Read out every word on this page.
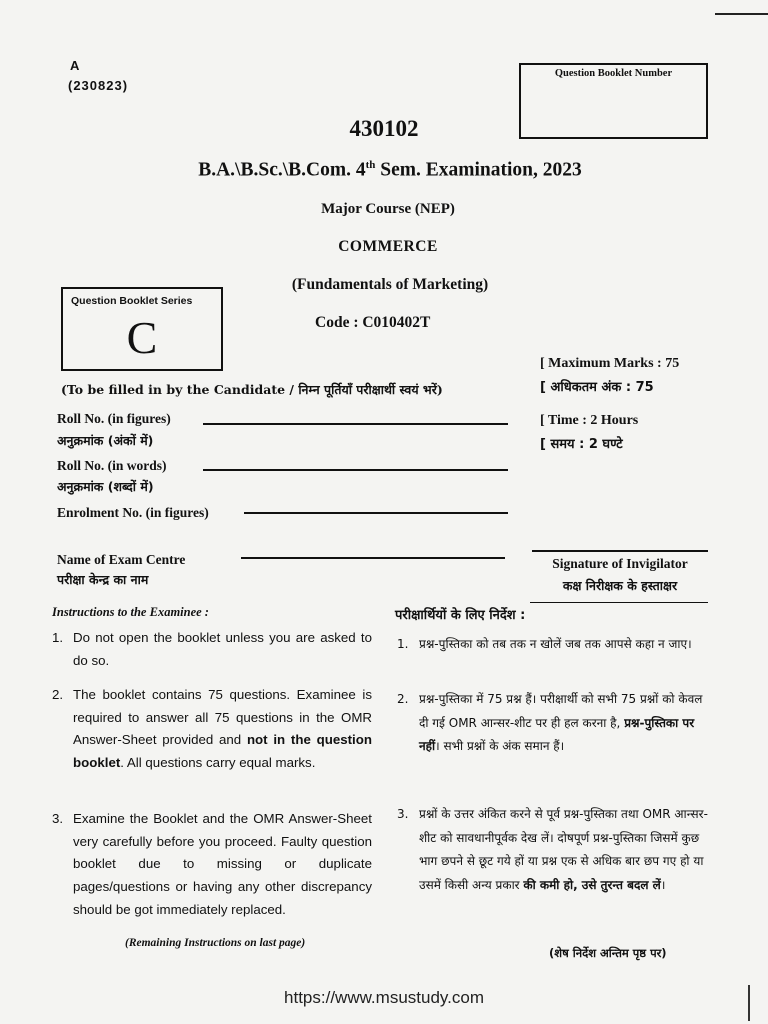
A
(230823)
Question Booklet Number
430102
B.A.\B.Sc.\B.Com. 4th Sem. Examination, 2023
Major Course (NEP)
COMMERCE
(Fundamentals of Marketing)
Code : C010402T
Question Booklet Series
C
[ Maximum Marks : 75
[ अधिकतम अंक : 75
[ Time : 2 Hours
[ समय : 2 घण्टे
(To be filled in by the Candidate / निम्न पूर्तियाँ परीक्षार्थी स्वयं भरें)
Roll No. (in figures)
अनुक्रमांक (अंकों में)
Roll No. (in words)
अनुक्रमांक (शब्दों में)
Enrolment No. (in figures)
Name of Exam Centre
परीक्षा केन्द्र का नाम
Signature of Invigilator
कक्ष निरीक्षक के हस्ताक्षर
Instructions to the Examinee :	परीक्षार्थियों के लिए निर्देश :
1. Do not open the booklet unless you are asked to do so.
2. The booklet contains 75 questions. Examinee is required to answer all 75 questions in the OMR Answer-Sheet provided and not in the question booklet. All questions carry equal marks.
3. Examine the Booklet and the OMR Answer-Sheet very carefully before you proceed. Faulty question booklet due to missing or duplicate pages/questions or having any other discrepancy should be got immediately replaced.
(Remaining Instructions on last page)
1. प्रश्न-पुस्तिका को तब तक न खोलें जब तक आपसे कहा न जाए।
2. प्रश्न-पुस्तिका में 75 प्रश्न हैं। परीक्षार्थी को सभी 75 प्रश्नों को केवल दी गई OMR आन्सर-शीट पर ही हल करना है, प्रश्न-पुस्तिका पर नहीं। सभी प्रश्नों के अंक समान हैं।
3. प्रश्नों के उत्तर अंकित करने से पूर्व प्रश्न-पुस्तिका तथा OMR आन्सर-शीट को सावधानीपूर्वक देख लें। दोषपूर्ण प्रश्न-पुस्तिका जिसमें कुछ भाग छपने से छूट गये हों या प्रश्न एक से अधिक बार छप गए हो या उसमें किसी अन्य प्रकार की कमी हो, उसे तुरन्त बदल लें।
(शेष निर्देश अन्तिम पृष्ठ पर)
https://www.msustudy.com
